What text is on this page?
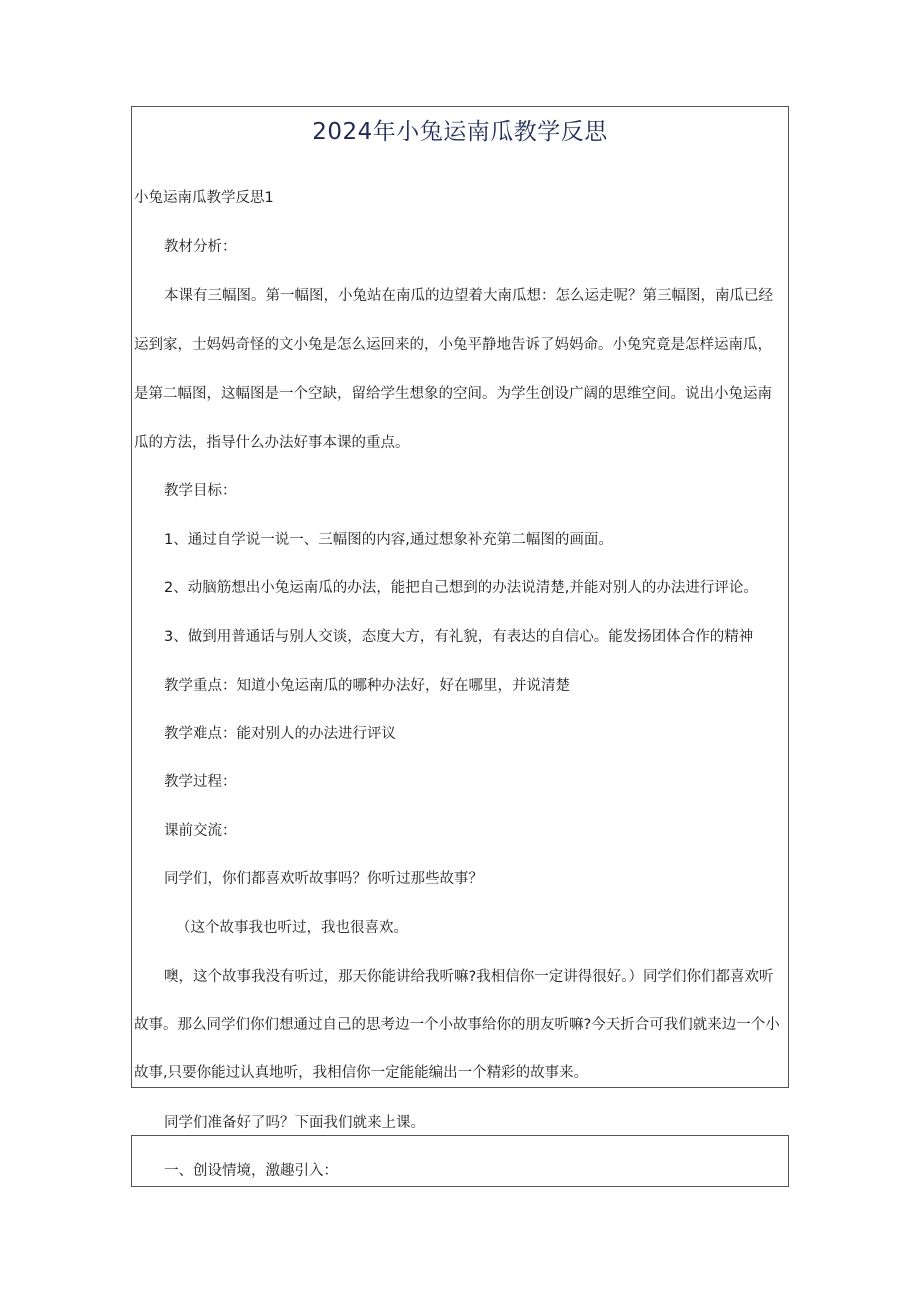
2024年小兔运南瓜教学反思
小兔运南瓜教学反思1
教材分析：
本课有三幅图。第一幅图，小兔站在南瓜的边望着大南瓜想：怎么运走呢？第三幅图，南瓜已经
运到家，士妈妈奇怪的文小兔是怎么运回来的，小兔平静地告诉了妈妈命。小兔究竟是怎样运南瓜，
是第二幅图，这幅图是一个空缺，留给学生想象的空间。为学生创设广阔的思维空间。说出小兔运南
瓜的方法，指导什么办法好事本课的重点。
教学目标：
1、通过自学说一说一、三幅图的内容,通过想象补充第二幅图的画面。
2、动脑筋想出小兔运南瓜的办法，能把自己想到的办法说清楚,并能对别人的办法进行评论。
3、做到用普通话与别人交谈，态度大方，有礼貌，有表达的自信心。能发扬团体合作的精神
教学重点：知道小兔运南瓜的哪种办法好，好在哪里，并说清楚
教学难点：能对别人的办法进行评议
教学过程：
课前交流：
同学们，你们都喜欢听故事吗？你听过那些故事？
（这个故事我也听过，我也很喜欢。
噢，这个故事我没有听过，那天你能讲给我听嘛?我相信你一定讲得很好。）同学们你们都喜欢听
故事。那么同学们你们想通过自己的思考边一个小故事给你的朋友听嘛?今天折合可我们就来边一个小
故事,只要你能过认真地听，我相信你一定能能编出一个精彩的故事来。
同学们准备好了吗？下面我们就来上课。
一、创设情境，激趣引入：
